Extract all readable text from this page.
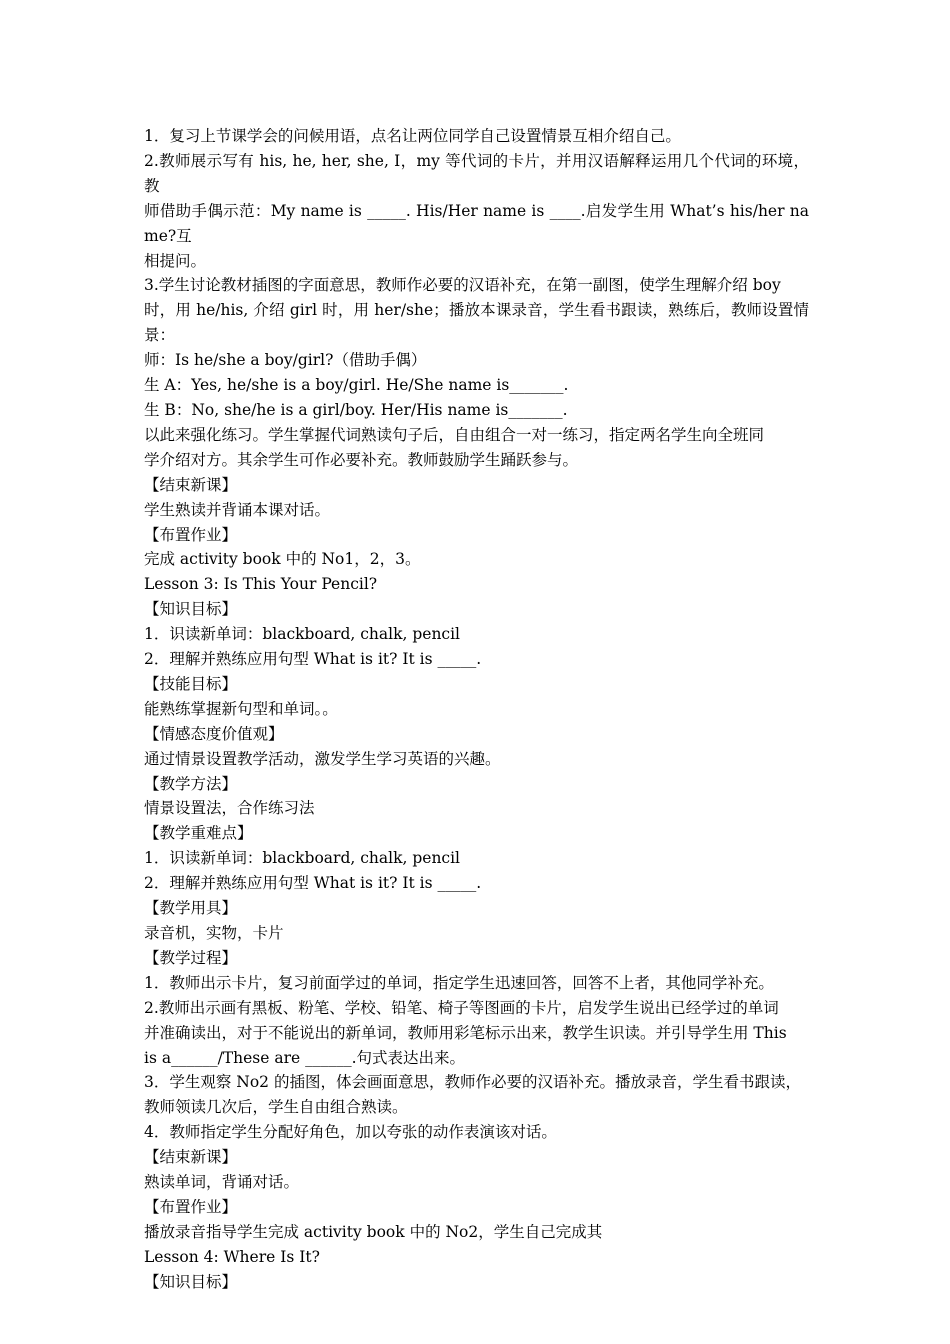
1．复习上节课学会的问候用语，点名让两位同学自己设置情景互相介绍自己。

2.教师展示写有 his, he, her, she, I，my 等代词的卡片，并用汉语解释运用几个代词的环境，教

师借助手偶示范：My name is _____. His/Her name is ____.启发学生用 What’s his/her name?互

相提问。

3.学生讨论教材插图的字面意思，教师作必要的汉语补充，在第一副图，使学生理解介绍 boy

时，用 he/his, 介绍 girl 时，用 her/she；播放本课录音，学生看书跟读，熟练后，教师设置情景：

师：Is he/she a boy/girl?（借助手偶）

生 A：Yes, he/she is a boy/girl. He/She name is_______.

生 B：No, she/he is a girl/boy. Her/His name is_______.

以此来强化练习。学生掌握代词熟读句子后，自由组合一对一练习，指定两名学生向全班同

学介绍对方。其余学生可作必要补充。教师鼓励学生踊跃参与。

【结束新课】

学生熟读并背诵本课对话。

【布置作业】

完成 activity book 中的 No1，2，3。

Lesson 3: Is This Your Pencil?

【知识目标】

1．识读新单词：blackboard, chalk, pencil

2．理解并熟练应用句型 What is it? It is _____.

【技能目标】

能熟练掌握新句型和单词。。

【情感态度价值观】

通过情景设置教学活动，激发学生学习英语的兴趣。

【教学方法】

情景设置法，合作练习法

【教学重难点】

1．识读新单词：blackboard, chalk, pencil

2．理解并熟练应用句型 What is it? It is _____.

【教学用具】

录音机，实物，卡片

【教学过程】

1．教师出示卡片，复习前面学过的单词，指定学生迅速回答，回答不上者，其他同学补充。

2.教师出示画有黑板、粉笔、学校、铅笔、椅子等图画的卡片，启发学生说出已经学过的单词

并准确读出，对于不能说出的新单词，教师用彩笔标示出来，教学生识读。并引导学生用 This

is a______/These are ______.句式表达出来。

3．学生观察 No2 的插图，体会画面意思，教师作必要的汉语补充。播放录音，学生看书跟读，

教师领读几次后，学生自由组合熟读。

4．教师指定学生分配好角色，加以夸张的动作表演该对话。

【结束新课】

熟读单词，背诵对话。

【布置作业】

播放录音指导学生完成 activity book 中的 No2，学生自己完成其

Lesson 4: Where Is It?

【知识目标】
